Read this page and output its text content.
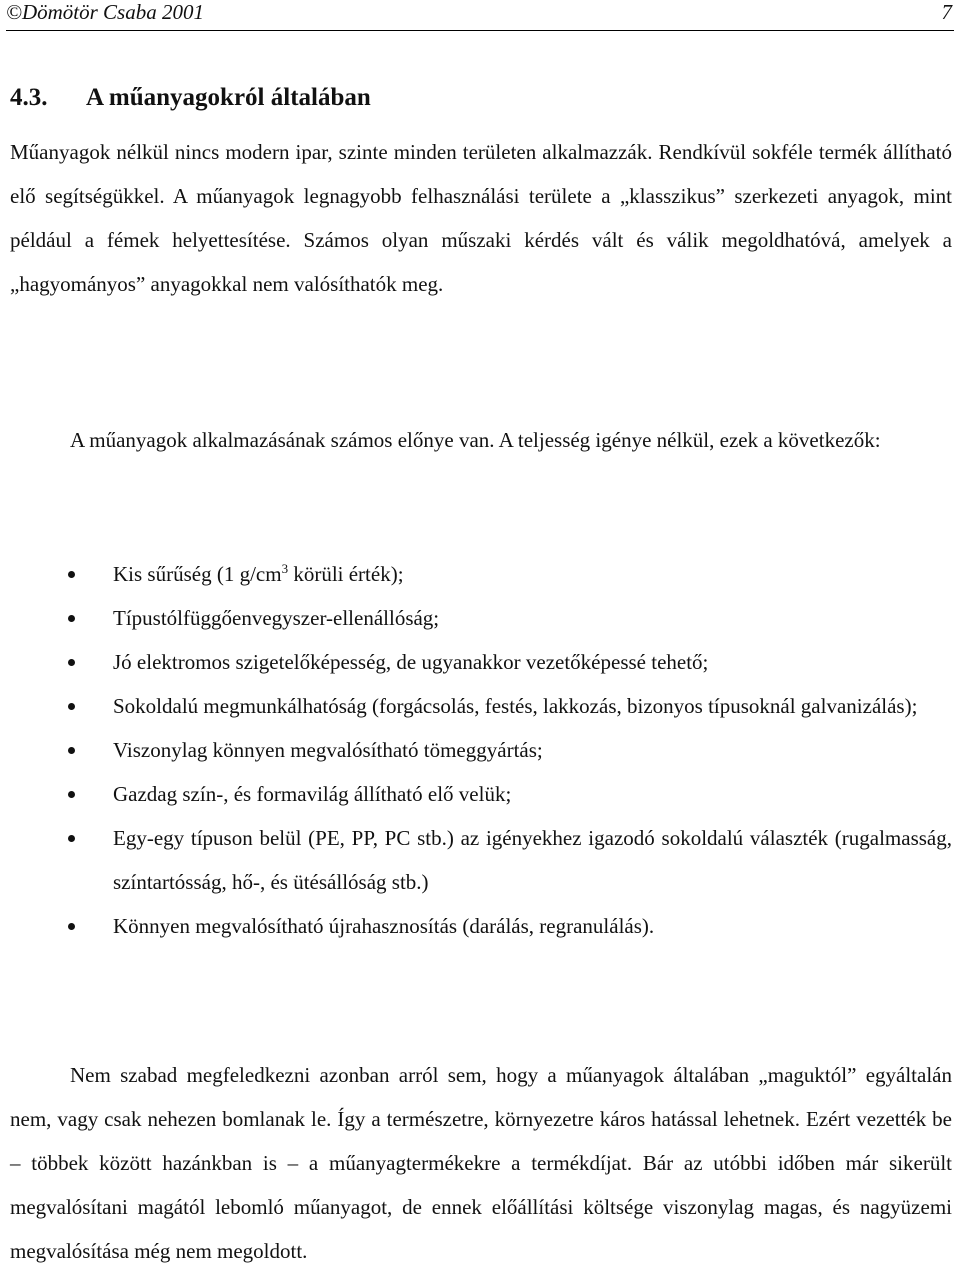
©Dömötör Csaba 2001	7
4.3. A műanyagokról általában

Műanyagok nélkül nincs modern ipar, szinte minden területen alkalmazzák. Rendkívül sokféle termék állítható elő segítségükkel. A műanyagok legnagyobb felhasználási területe a „klasszikus” szerkezeti anyagok, mint például a fémek helyettesítése. Számos olyan műszaki kérdés vált és válik megoldhatóvá, amelyek a „hagyományos” anyagokkal nem valósíthatók meg.

A műanyagok alkalmazásának számos előnye van. A teljesség igénye nélkül, ezek a következők:

Kis sűrűség (1 $g/cm^3$ körüli érték);
Típustólfüggőenvegyszer-ellenállóság;
Jó elektromos szigetelőképesség, de ugyanakkor vezetőképessé tehető;
Sokoldalú megmunkálhatóság (forgácsolás, festés, lakkozás, bizonyos típusoknál galvanizálás);
Viszonylag könnyen megvalósítható tömeggyártás;
Gazdag szín-, és formavilág állítható elő velük;
Egy-egy típuson belül (PE, PP, PC stb.) az igényekhez igazodó sokoldalú választék (rugalmasság, színtartósság, hő-, és ütésállóság stb.)
Könnyen megvalósítható újrahasznosítás (darálás, regranulálás).

Nem szabad megfeledkezni azonban arról sem, hogy a műanyagok általában „maguktól” egyáltalán nem, vagy csak nehezen bomlanak le. Így a természetre, környezetre káros hatással lehetnek. Ezért vezették be – többek között hazánkban is – a műanyagtermékekre a termékdíjat. Bár az utóbbi időben már sikerült megvalósítani magától lebomló műanyagot, de ennek előállítási költsége viszonylag magas, és nagyüzemi megvalósítása még nem megoldott.
